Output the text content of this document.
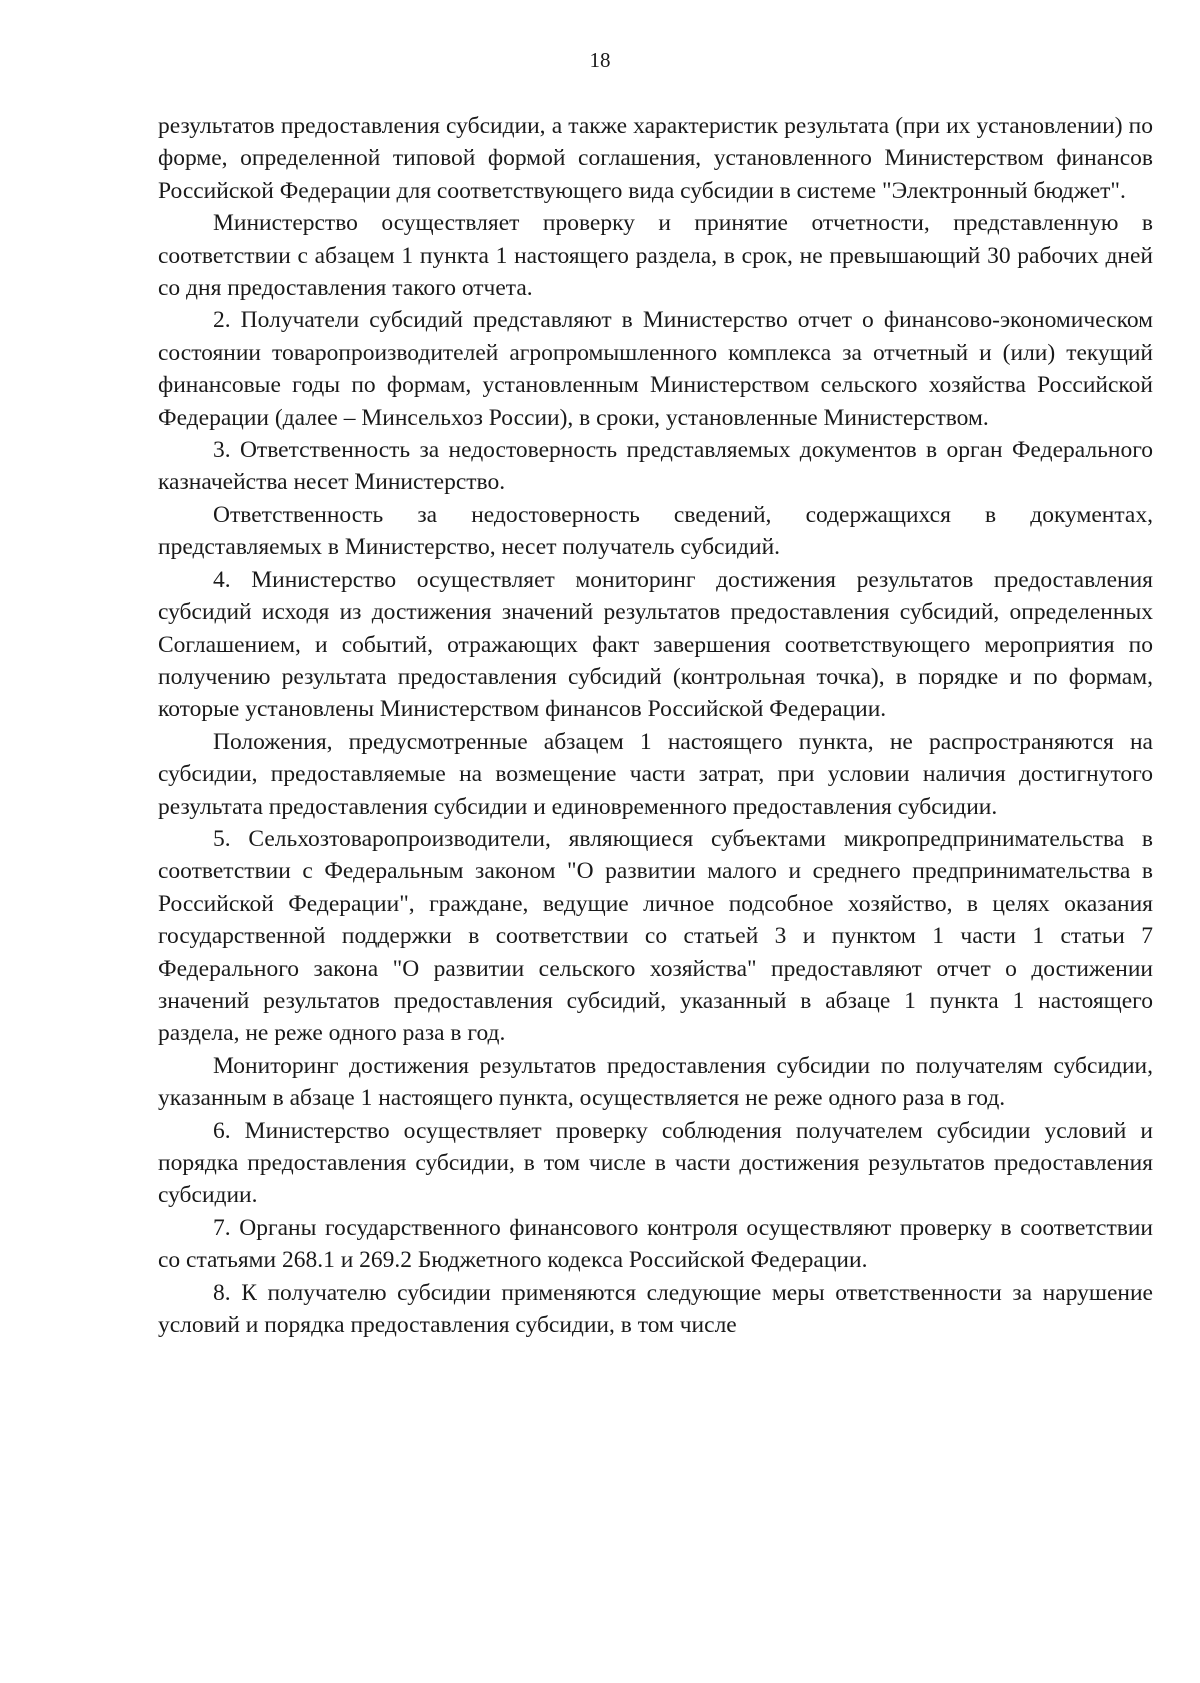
18

результатов предоставления субсидии, а также характеристик результата (при их установлении) по форме, определенной типовой формой соглашения, установленного Министерством финансов Российской Федерации для соответствующего вида субсидии в системе "Электронный бюджет".

Министерство осуществляет проверку и принятие отчетности, представленную в соответствии с абзацем 1 пункта 1 настоящего раздела, в срок, не превышающий 30 рабочих дней со дня предоставления такого отчета.

2. Получатели субсидий представляют в Министерство отчет о финансово-экономическом состоянии товаропроизводителей агропромышленного комплекса за отчетный и (или) текущий финансовые годы по формам, установленным Министерством сельского хозяйства Российской Федерации (далее – Минсельхоз России), в сроки, установленные Министерством.

3. Ответственность за недостоверность представляемых документов в орган Федерального казначейства несет Министерство.

Ответственность за недостоверность сведений, содержащихся в документах, представляемых в Министерство, несет получатель субсидий.

4. Министерство осуществляет мониторинг достижения результатов предоставления субсидий исходя из достижения значений результатов предоставления субсидий, определенных Соглашением, и событий, отражающих факт завершения соответствующего мероприятия по получению результата предоставления субсидий (контрольная точка), в порядке и по формам, которые установлены Министерством финансов Российской Федерации.

Положения, предусмотренные абзацем 1 настоящего пункта, не распространяются на субсидии, предоставляемые на возмещение части затрат, при условии наличия достигнутого результата предоставления субсидии и единовременного предоставления субсидии.

5. Сельхозтоваропроизводители, являющиеся субъектами микропредпринимательства в соответствии с Федеральным законом "О развитии малого и среднего предпринимательства в Российской Федерации", граждане, ведущие личное подсобное хозяйство, в целях оказания государственной поддержки в соответствии со статьей 3 и пунктом 1 части 1 статьи 7 Федерального закона "О развитии сельского хозяйства" предоставляют отчет о достижении значений результатов предоставления субсидий, указанный в абзаце 1 пункта 1 настоящего раздела, не реже одного раза в год.

Мониторинг достижения результатов предоставления субсидии по получателям субсидии, указанным в абзаце 1 настоящего пункта, осуществляется не реже одного раза в год.

6. Министерство осуществляет проверку соблюдения получателем субсидии условий и порядка предоставления субсидии, в том числе в части достижения результатов предоставления субсидии.

7. Органы государственного финансового контроля осуществляют проверку в соответствии со статьями 268.1 и 269.2 Бюджетного кодекса Российской Федерации.

8. К получателю субсидии применяются следующие меры ответственности за нарушение условий и порядка предоставления субсидии, в том числе
